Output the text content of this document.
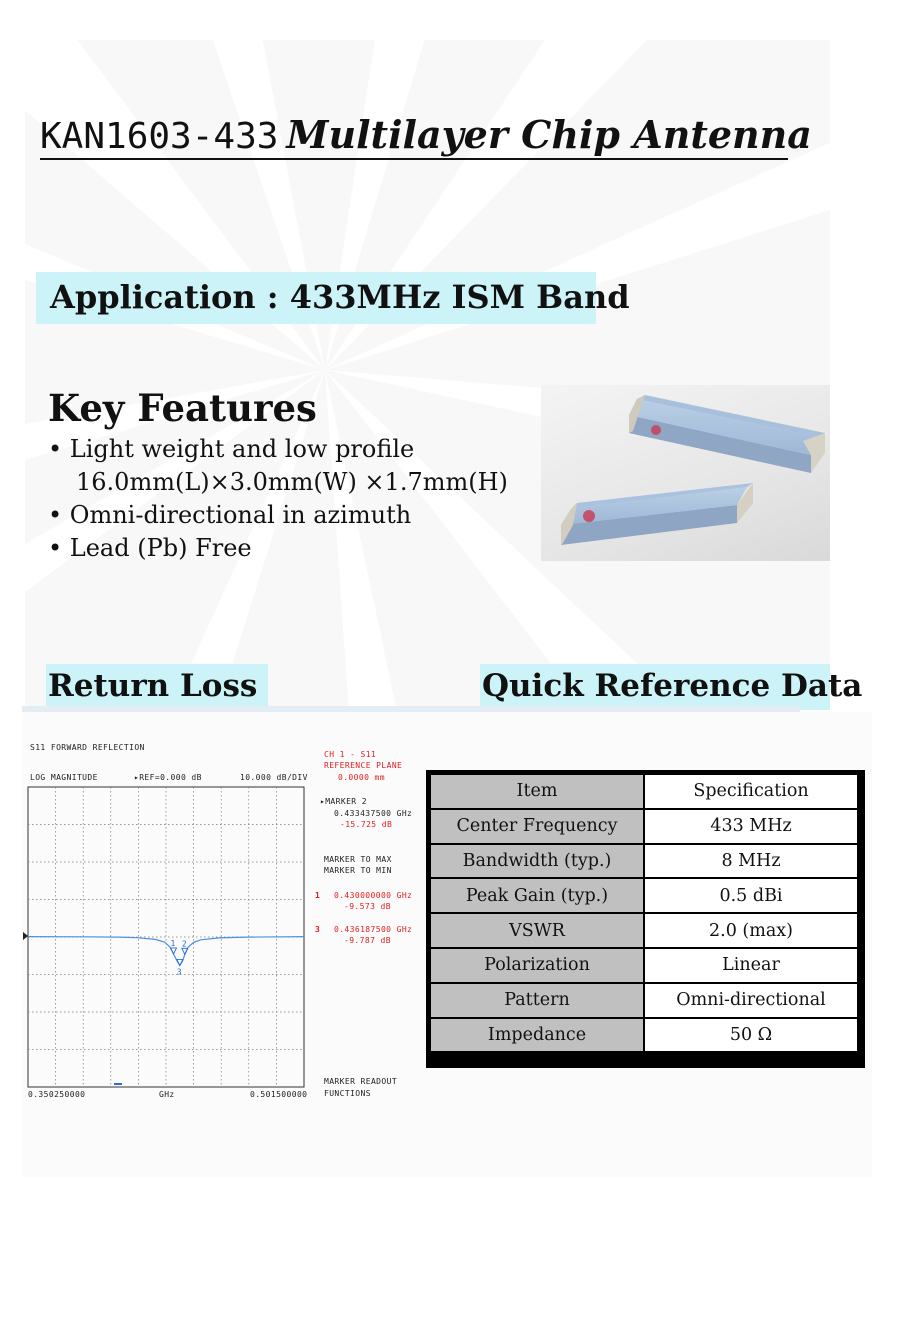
KAN1603-433 Multilayer Chip Antenna
Application : 433MHz ISM Band
Key Features
• Light weight and low profile
16.0mm(L)×3.0mm(W) ×1.7mm(H)
• Omni-directional in azimuth
• Lead (Pb) Free
Return Loss	Quick Reference Data
S11 FORWARD REFLECTION
LOG MAGNITUDE	▸REF=0.000 dB	10.000 dB/DIV
CH 1 - S11
REFERENCE PLANE
0.0000 mm
▸MARKER 2
0.433437500 GHz
-15.725 dB
MARKER TO MAX
MARKER TO MIN
1 0.430000000 GHz
-9.573 dB
3 0.436187500 GHz
-9.787 dB
MARKER READOUT
FUNCTIONS
0.350250000	GHz	0.501500000
1
3
2
Item	Specification
Center Frequency	433 MHz
Bandwidth (typ.)	8 MHz
Peak Gain (typ.)	0.5 dBi
VSWR	2.0 (max)
Polarization	Linear
Pattern	Omni-directional
Impedance	50 Ω
